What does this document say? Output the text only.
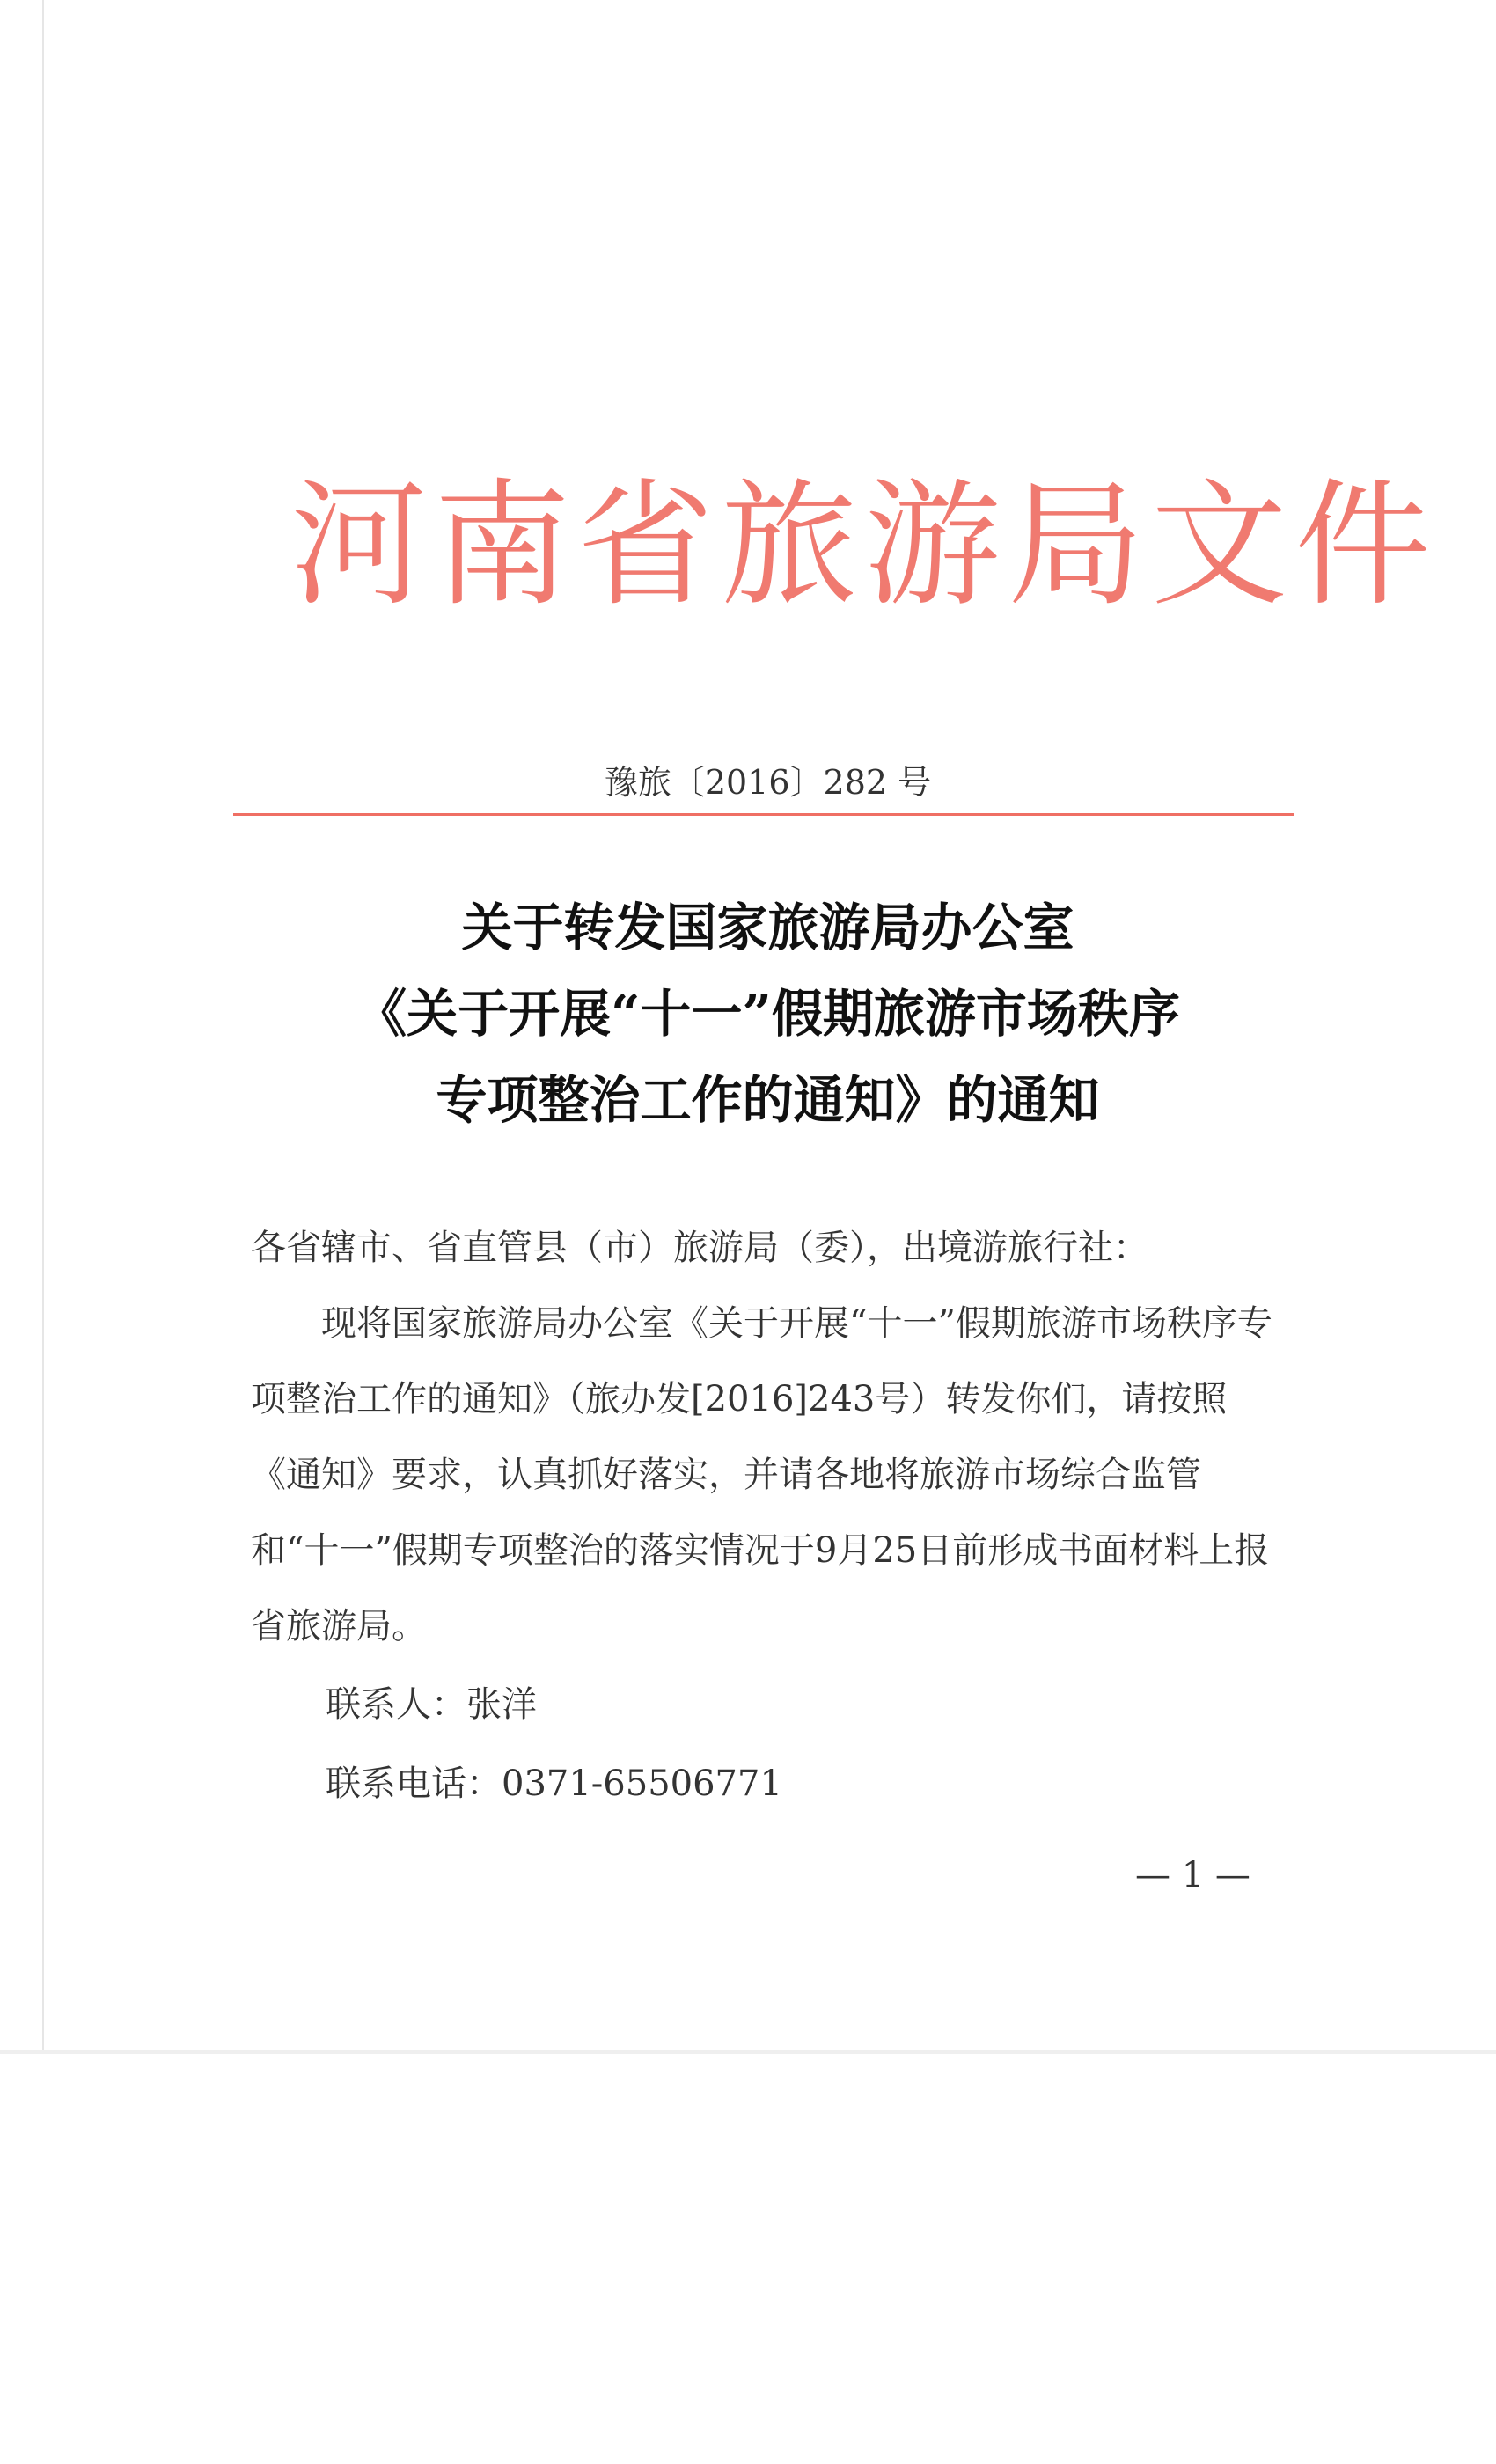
河南省旅游局文件
豫旅〔2016〕282 号
关于转发国家旅游局办公室
《关于开展“十一”假期旅游市场秩序
专项整治工作的通知》的通知

各省辖市、省直管县（市）旅游局（委），出境游旅行社：

现将国家旅游局办公室《关于开展“十一”假期旅游市场秩序专项整治工作的通知》（旅办发[2016]243号）转发你们，请按照《通知》要求，认真抓好落实，并请各地将旅游市场综合监管和“十一”假期专项整治的落实情况于9月25日前形成书面材料上报省旅游局。

联系人：张洋
联系电话：0371-65506771
— 1 —
